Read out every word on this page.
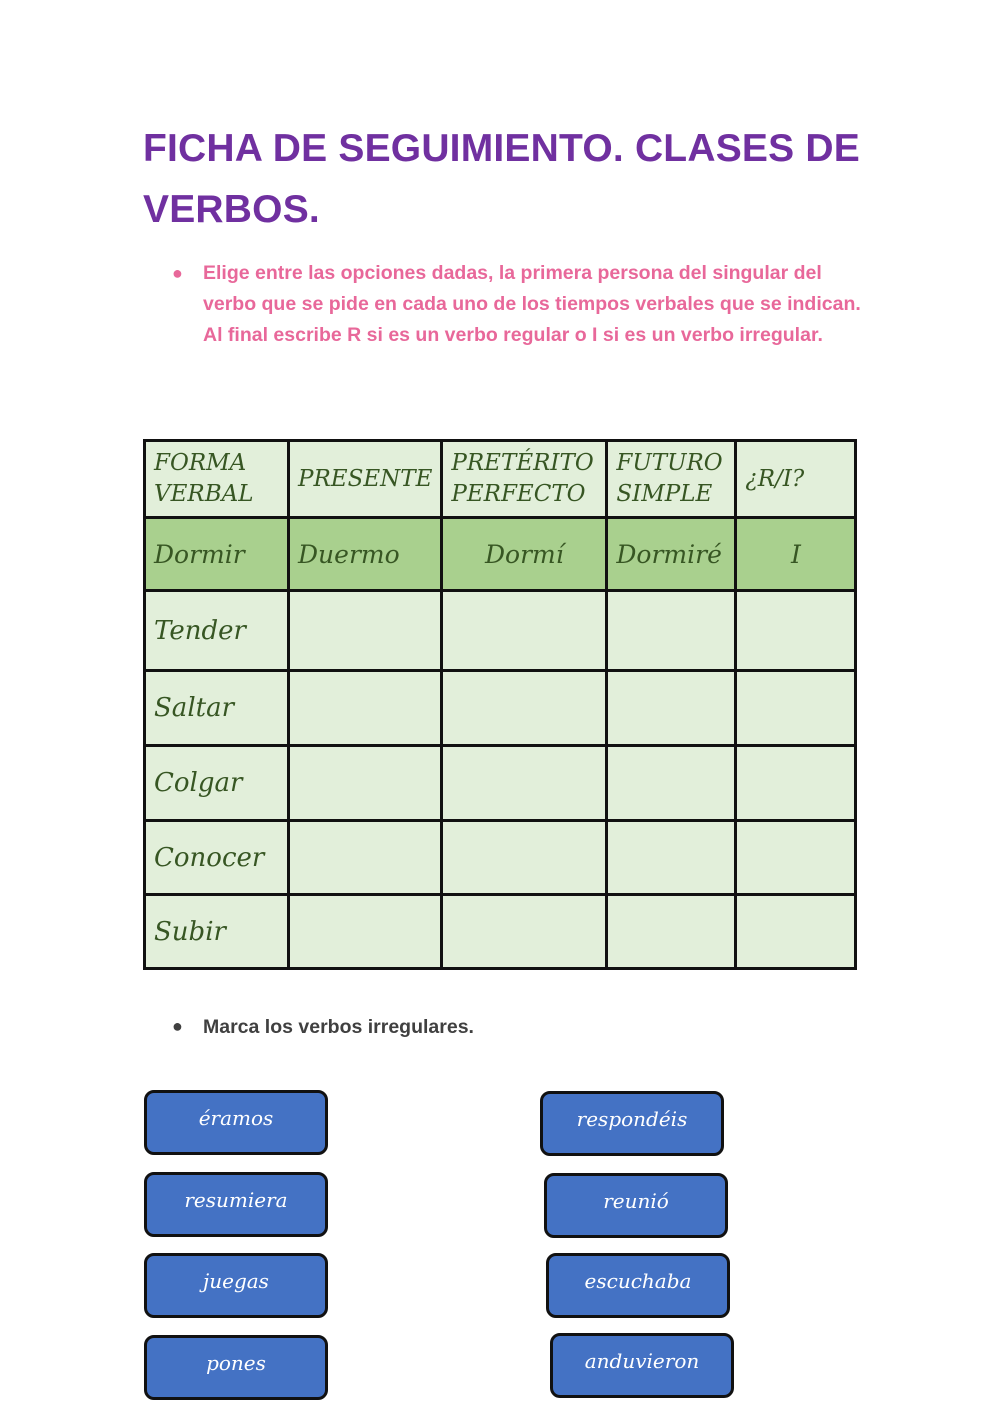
FICHA DE SEGUIMIENTO. CLASES DE VERBOS.
● Elige entre las opciones dadas, la primera persona del singular del verbo que se pide en cada uno de los tiempos verbales que se indican. Al final escribe R si es un verbo regular o I si es un verbo irregular.
FORMA VERBAL	PRESENTE	PRETÉRITO PERFECTO	FUTURO SIMPLE	¿R/I?
Dormir	Duermo	Dormí	Dormiré	I
Tender				
Saltar				
Colgar				
Conocer				
Subir				
● Marca los verbos irregulares.
éramos
resumiera
juegas
pones
respondéis
reunió
escuchaba
anduvieron
